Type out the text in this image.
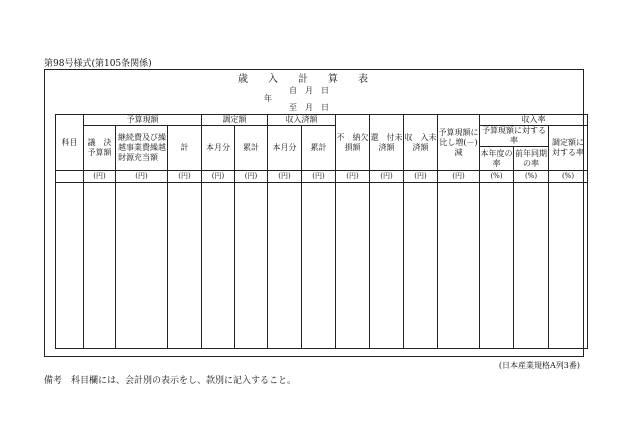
第98号様式(第105条関係)
歳　　入　　計　　算　　表
自　月　日
年
至　月　日
科目	予算現額			調定額		収入済額		不　納欠損額	還　付未済額	収　入未済額	予算現額に比し増(－)減	収入率		
	議　決予算額	継続費及び繰越事業費繰越財源充当額	計	本月分	累計	本月分	累計					予算現額に対する率		調定額に対する率
												本年度の率	前年同期の率	
	(円)	(円)	(円)	(円)	(円)	(円)	(円)	(円)	(円)	(円)	(円)	(%)	(%)	(%)

(日本産業規格A列3番)
備考　科目欄には、会計別の表示をし、款別に記入すること。
